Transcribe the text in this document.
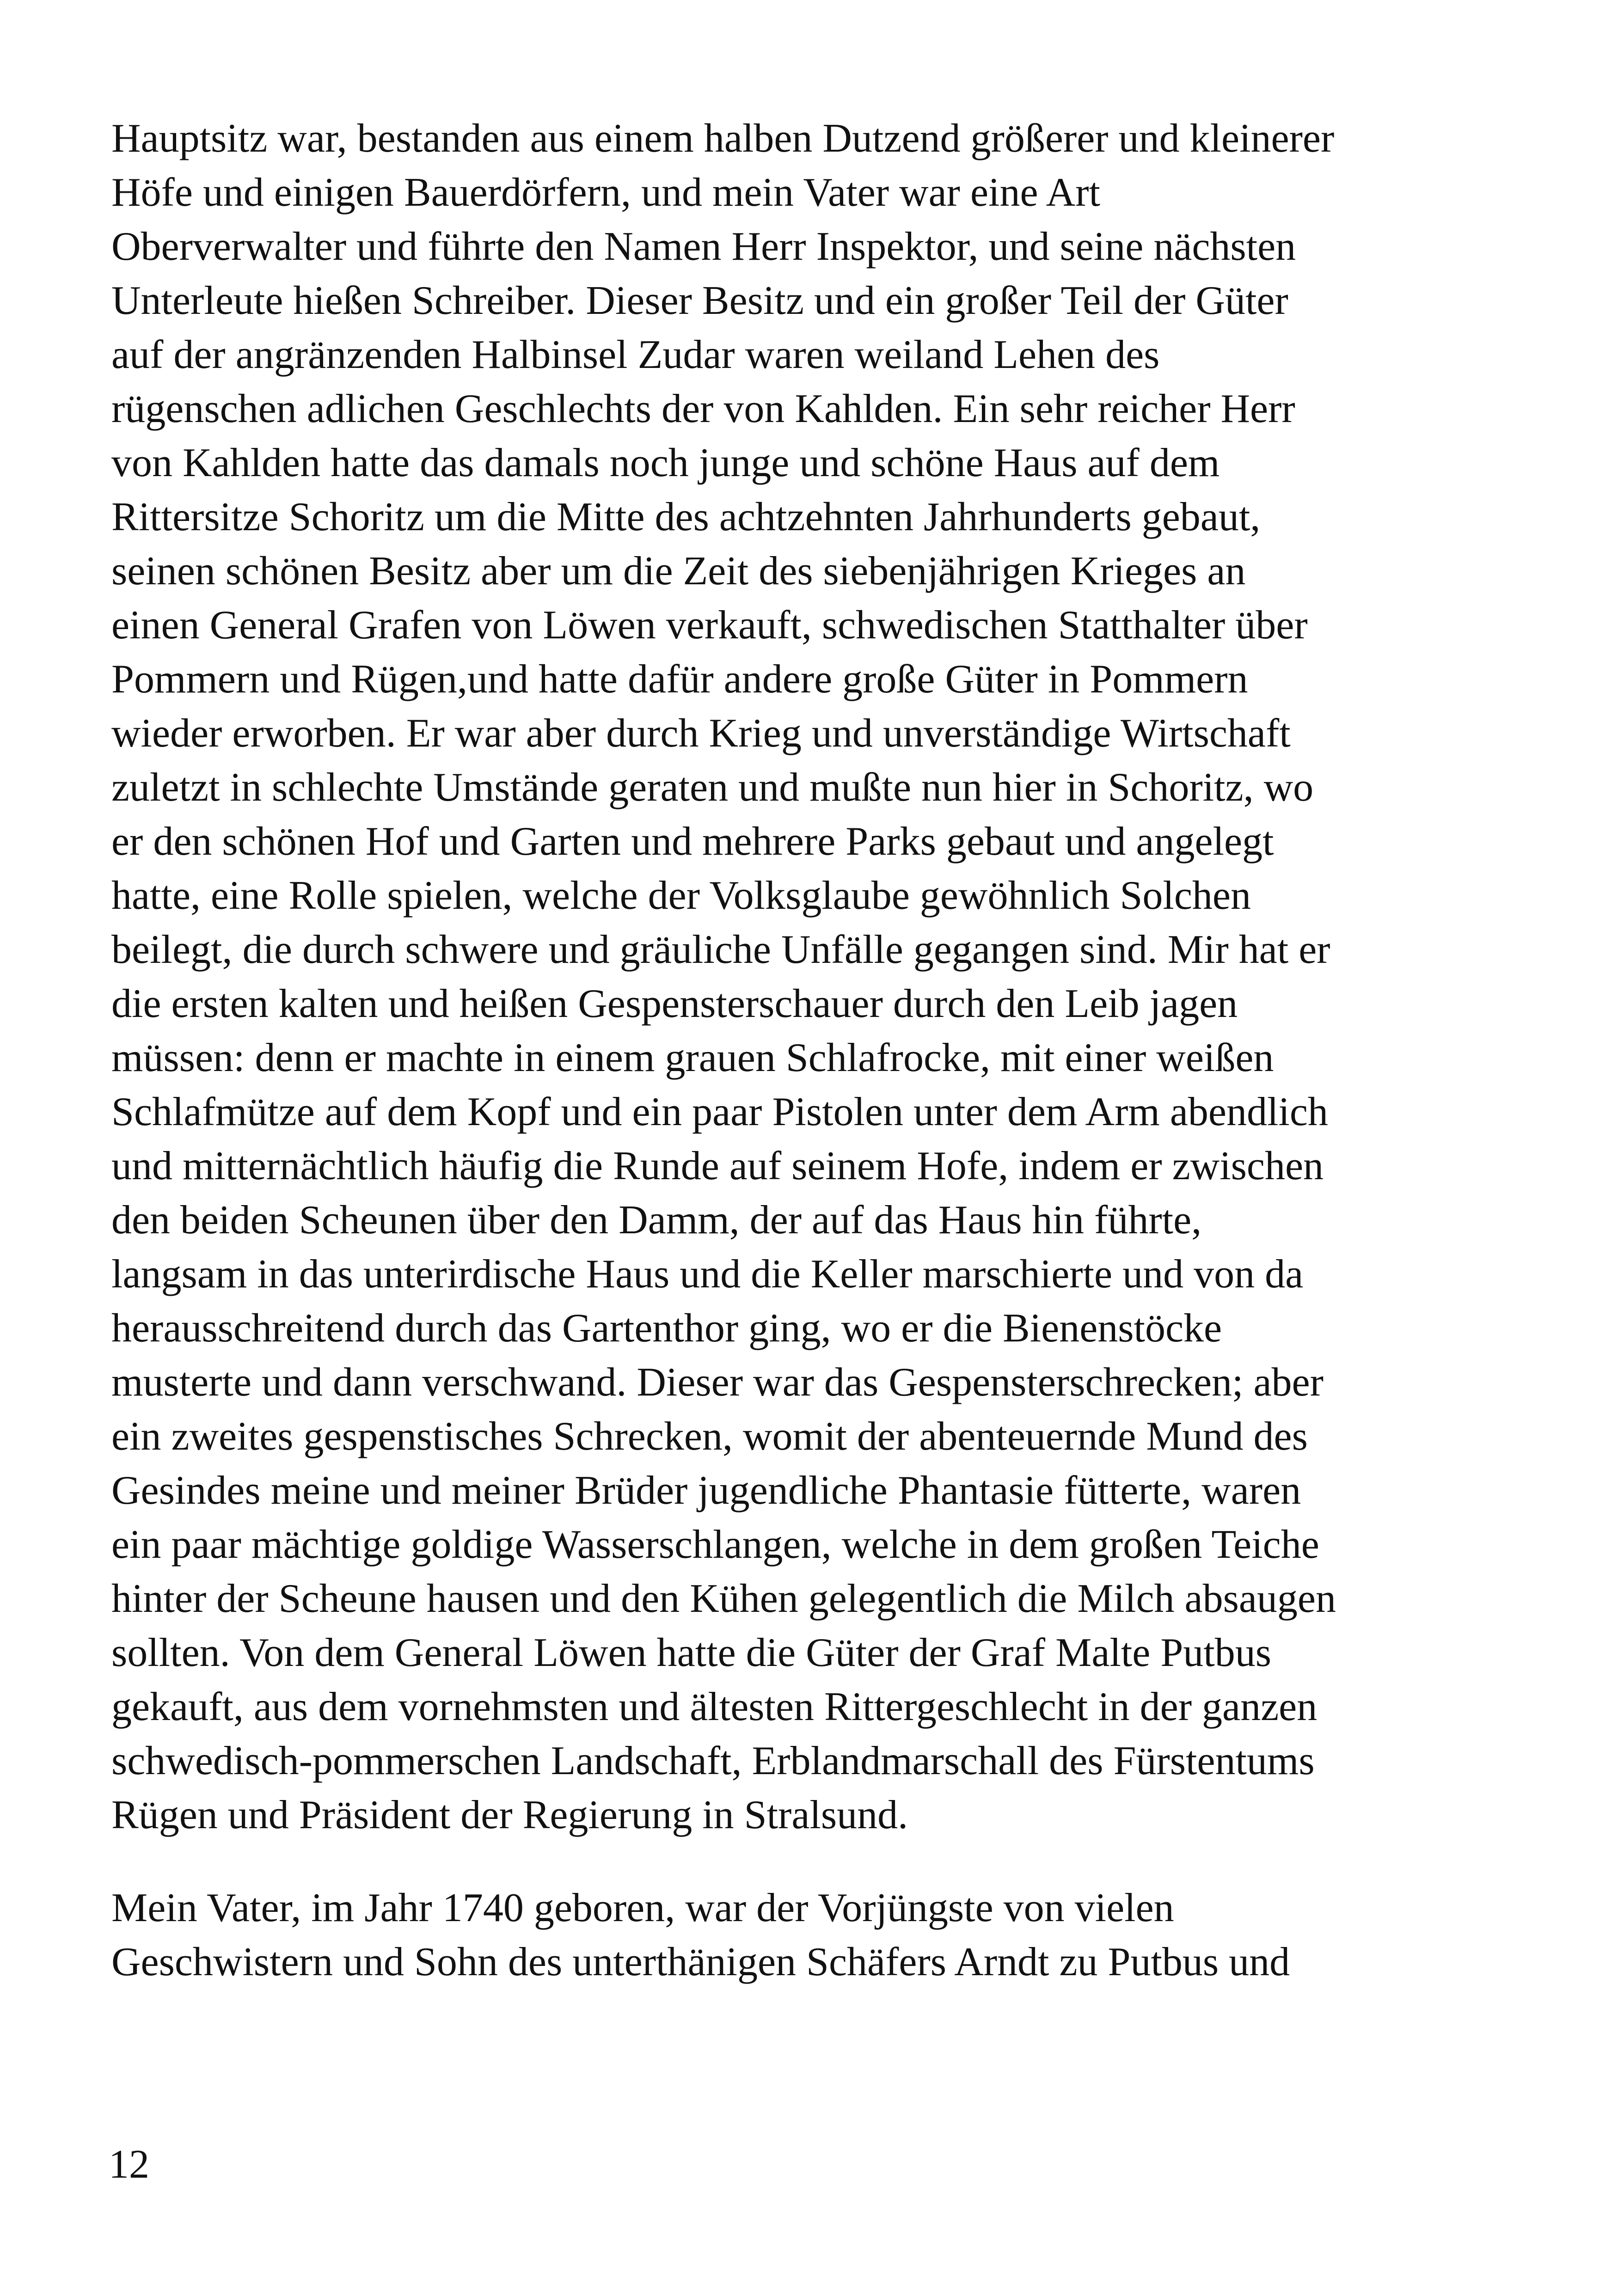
Hauptsitz war, bestanden aus einem halben Dutzend größerer und kleinerer
Höfe und einigen Bauerdörfern, und mein Vater war eine Art
Oberverwalter und führte den Namen Herr Inspektor, und seine nächsten
Unterleute hießen Schreiber. Dieser Besitz und ein großer Teil der Güter
auf der angränzenden Halbinsel Zudar waren weiland Lehen des
rügenschen adlichen Geschlechts der von Kahlden. Ein sehr reicher Herr
von Kahlden hatte das damals noch junge und schöne Haus auf dem
Rittersitze Schoritz um die Mitte des achtzehnten Jahrhunderts gebaut,
seinen schönen Besitz aber um die Zeit des siebenjährigen Krieges an
einen General Grafen von Löwen verkauft, schwedischen Statthalter über
Pommern und Rügen,und hatte dafür andere große Güter in Pommern
wieder erworben. Er war aber durch Krieg und unverständige Wirtschaft
zuletzt in schlechte Umstände geraten und mußte nun hier in Schoritz, wo
er den schönen Hof und Garten und mehrere Parks gebaut und angelegt
hatte, eine Rolle spielen, welche der Volksglaube gewöhnlich Solchen
beilegt, die durch schwere und gräuliche Unfälle gegangen sind. Mir hat er
die ersten kalten und heißen Gespensterschauer durch den Leib jagen
müssen: denn er machte in einem grauen Schlafrocke, mit einer weißen
Schlafmütze auf dem Kopf und ein paar Pistolen unter dem Arm abendlich
und mitternächtlich häufig die Runde auf seinem Hofe, indem er zwischen
den beiden Scheunen über den Damm, der auf das Haus hin führte,
langsam in das unterirdische Haus und die Keller marschierte und von da
herausschreitend durch das Gartenthor ging, wo er die Bienenstöcke
musterte und dann verschwand. Dieser war das Gespensterschrecken; aber
ein zweites gespenstisches Schrecken, womit der abenteuernde Mund des
Gesindes meine und meiner Brüder jugendliche Phantasie fütterte, waren
ein paar mächtige goldige Wasserschlangen, welche in dem großen Teiche
hinter der Scheune hausen und den Kühen gelegentlich die Milch absaugen
sollten. Von dem General Löwen hatte die Güter der Graf Malte Putbus
gekauft, aus dem vornehmsten und ältesten Rittergeschlecht in der ganzen
schwedisch-pommerschen Landschaft, Erblandmarschall des Fürstentums
Rügen und Präsident der Regierung in Stralsund.
Mein Vater, im Jahr 1740 geboren, war der Vorjüngste von vielen
Geschwistern und Sohn des unterthänigen Schäfers Arndt zu Putbus und
12
